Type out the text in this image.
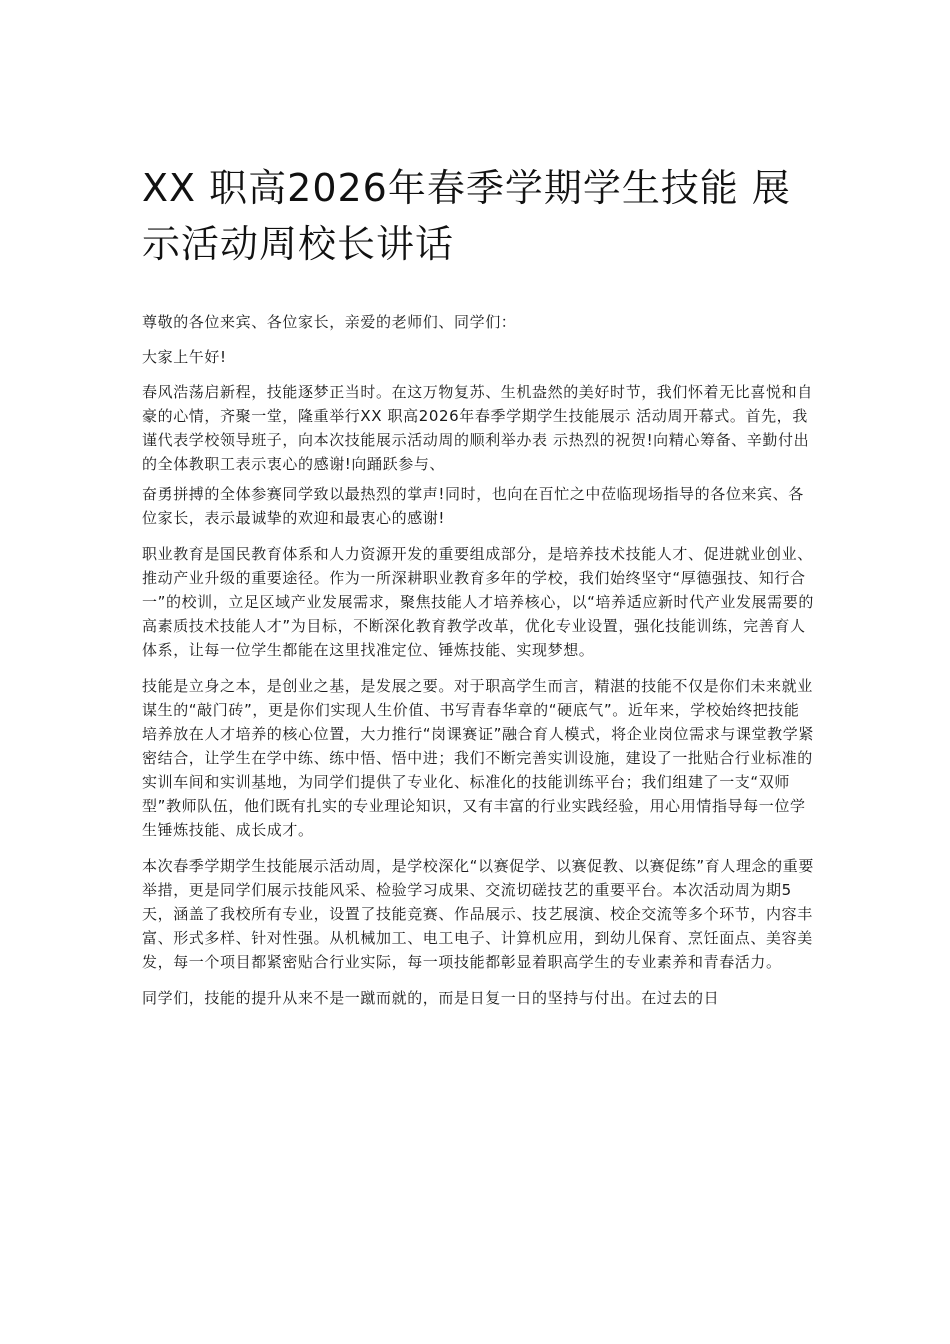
XX 职高2026年春季学期学生技能 展示活动周校长讲话

尊敬的各位来宾、各位家长，亲爱的老师们、同学们：

大家上午好!

春风浩荡启新程，技能逐梦正当时。在这万物复苏、生机盎然的美好时节，我们怀着无比喜悦和自豪的心情，齐聚一堂，隆重举行XX 职高2026年春季学期学生技能展示 活动周开幕式。首先，我谨代表学校领导班子，向本次技能展示活动周的顺利举办表 示热烈的祝贺!向精心筹备、辛勤付出的全体教职工表示衷心的感谢!向踊跃参与、

奋勇拼搏的全体参赛同学致以最热烈的掌声!同时，也向在百忙之中莅临现场指导的各位来宾、各位家长，表示最诚挚的欢迎和最衷心的感谢!

职业教育是国民教育体系和人力资源开发的重要组成部分，是培养技术技能人才、促进就业创业、推动产业升级的重要途径。作为一所深耕职业教育多年的学校，我们始终坚守“厚德强技、知行合一”的校训，立足区域产业发展需求，聚焦技能人才培养核心，以“培养适应新时代产业发展需要的高素质技术技能人才”为目标，不断深化教育教学改革，优化专业设置，强化技能训练，完善育人体系，让每一位学生都能在这里找准定位、锤炼技能、实现梦想。

技能是立身之本，是创业之基，是发展之要。对于职高学生而言，精湛的技能不仅是你们未来就业谋生的“敲门砖”，更是你们实现人生价值、书写青春华章的“硬底气”。近年来，学校始终把技能培养放在人才培养的核心位置，大力推行“岗课赛证”融合育人模式，将企业岗位需求与课堂教学紧密结合，让学生在学中练、练中悟、悟中进；我们不断完善实训设施，建设了一批贴合行业标准的实训车间和实训基地，为同学们提供了专业化、标准化的技能训练平台；我们组建了一支“双师型”教师队伍，他们既有扎实的专业理论知识，又有丰富的行业实践经验，用心用情指导每一位学生锤炼技能、成长成才。

本次春季学期学生技能展示活动周，是学校深化“以赛促学、以赛促教、以赛促练”育人理念的重要举措，更是同学们展示技能风采、检验学习成果、交流切磋技艺的重要平台。本次活动周为期5天，涵盖了我校所有专业，设置了技能竞赛、作品展示、技艺展演、校企交流等多个环节，内容丰富、形式多样、针对性强。从机械加工、电工电子、计算机应用，到幼儿保育、烹饪面点、美容美发，每一个项目都紧密贴合行业实际，每一项技能都彰显着职高学生的专业素养和青春活力。

同学们，技能的提升从来不是一蹴而就的，而是日复一日的坚持与付出。在过去的日
